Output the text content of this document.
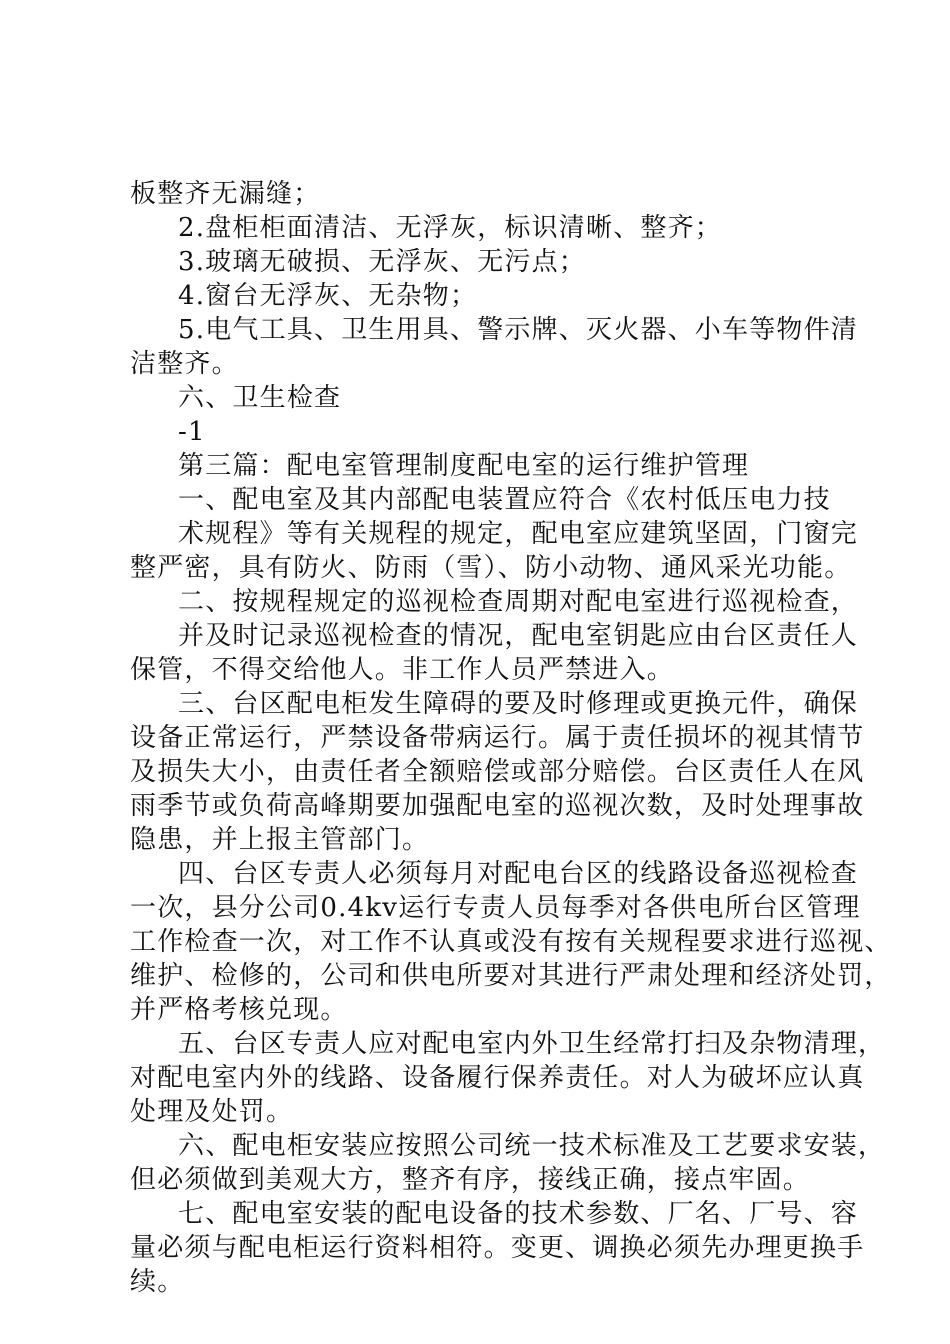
板整齐无漏缝；
2.盘柜柜面清洁、无浮灰，标识清晰、整齐；
3.玻璃无破损、无浮灰、无污点；
4.窗台无浮灰、无杂物；
5.电气工具、卫生用具、警示牌、灭火器、小车等物件清
洁整齐。
六、卫生检查
-1
第三篇：配电室管理制度配电室的运行维护管理
一、配电室及其内部配电装置应符合《农村低压电力技
术规程》等有关规程的规定，配电室应建筑坚固，门窗完
整严密，具有防火、防雨（雪）、防小动物、通风采光功能。
二、按规程规定的巡视检查周期对配电室进行巡视检查，
并及时记录巡视检查的情况，配电室钥匙应由台区责任人
保管，不得交给他人。非工作人员严禁进入。
三、台区配电柜发生障碍的要及时修理或更换元件，确保
设备正常运行，严禁设备带病运行。属于责任损坏的视其情节
及损失大小，由责任者全额赔偿或部分赔偿。台区责任人在风
雨季节或负荷高峰期要加强配电室的巡视次数，及时处理事故
隐患，并上报主管部门。
四、台区专责人必须每月对配电台区的线路设备巡视检查
一次，县分公司0.4kv运行专责人员每季对各供电所台区管理
工作检查一次，对工作不认真或没有按有关规程要求进行巡视、
维护、检修的，公司和供电所要对其进行严肃处理和经济处罚，
并严格考核兑现。
五、台区专责人应对配电室内外卫生经常打扫及杂物清理，
对配电室内外的线路、设备履行保养责任。对人为破坏应认真
处理及处罚。
六、配电柜安装应按照公司统一技术标准及工艺要求安装，
但必须做到美观大方，整齐有序，接线正确，接点牢固。
七、配电室安装的配电设备的技术参数、厂名、厂号、容
量必须与配电柜运行资料相符。变更、调换必须先办理更换手
续。
